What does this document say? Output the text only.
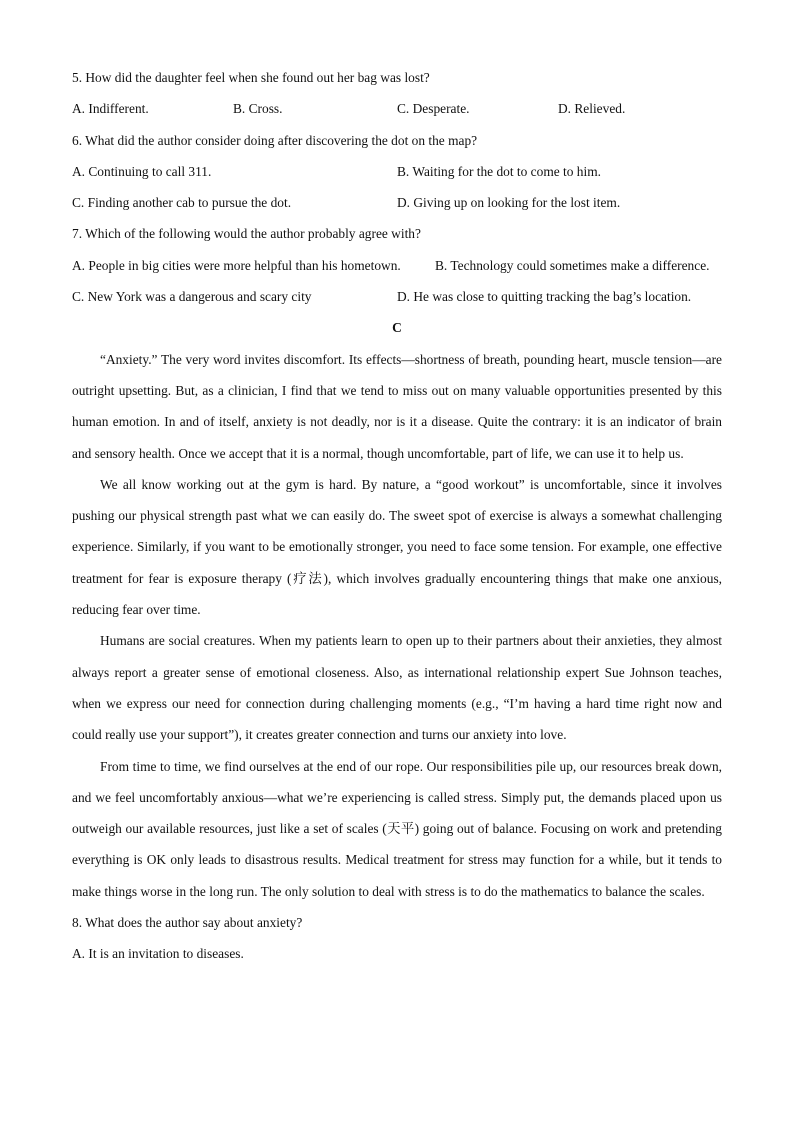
5. How did the daughter feel when she found out her bag was lost?
A. Indifferent.	B. Cross.	C. Desperate.	D. Relieved.
6. What did the author consider doing after discovering the dot on the map?
A. Continuing to call 311.	B. Waiting for the dot to come to him.
C. Finding another cab to pursue the dot.	D. Giving up on looking for the lost item.
7. Which of the following would the author probably agree with?
A. People in big cities were more helpful than his hometown.	B. Technology could sometimes make a difference.
C. New York was a dangerous and scary city	D. He was close to quitting tracking the bag’s location.
C

“Anxiety.” The very word invites discomfort. Its effects—shortness of breath, pounding heart, muscle tension—are outright upsetting. But, as a clinician, I find that we tend to miss out on many valuable opportunities presented by this human emotion. In and of itself, anxiety is not deadly, nor is it a disease. Quite the contrary: it is an indicator of brain and sensory health. Once we accept that it is a normal, though uncomfortable, part of life, we can use it to help us.

We all know working out at the gym is hard. By nature, a “good workout” is uncomfortable, since it involves pushing our physical strength past what we can easily do. The sweet spot of exercise is always a somewhat challenging experience. Similarly, if you want to be emotionally stronger, you need to face some tension. For example, one effective treatment for fear is exposure therapy (疗法), which involves gradually encountering things that make one anxious, reducing fear over time.

Humans are social creatures. When my patients learn to open up to their partners about their anxieties, they almost always report a greater sense of emotional closeness. Also, as international relationship expert Sue Johnson teaches, when we express our need for connection during challenging moments (e.g., “I’m having a hard time right now and could really use your support”), it creates greater connection and turns our anxiety into love.

From time to time, we find ourselves at the end of our rope. Our responsibilities pile up, our resources break down, and we feel uncomfortably anxious—what we’re experiencing is called stress. Simply put, the demands placed upon us outweigh our available resources, just like a set of scales (天平) going out of balance. Focusing on work and pretending everything is OK only leads to disastrous results. Medical treatment for stress may function for a while, but it tends to make things worse in the long run. The only solution to deal with stress is to do the mathematics to balance the scales.

8. What does the author say about anxiety?
A. It is an invitation to diseases.
